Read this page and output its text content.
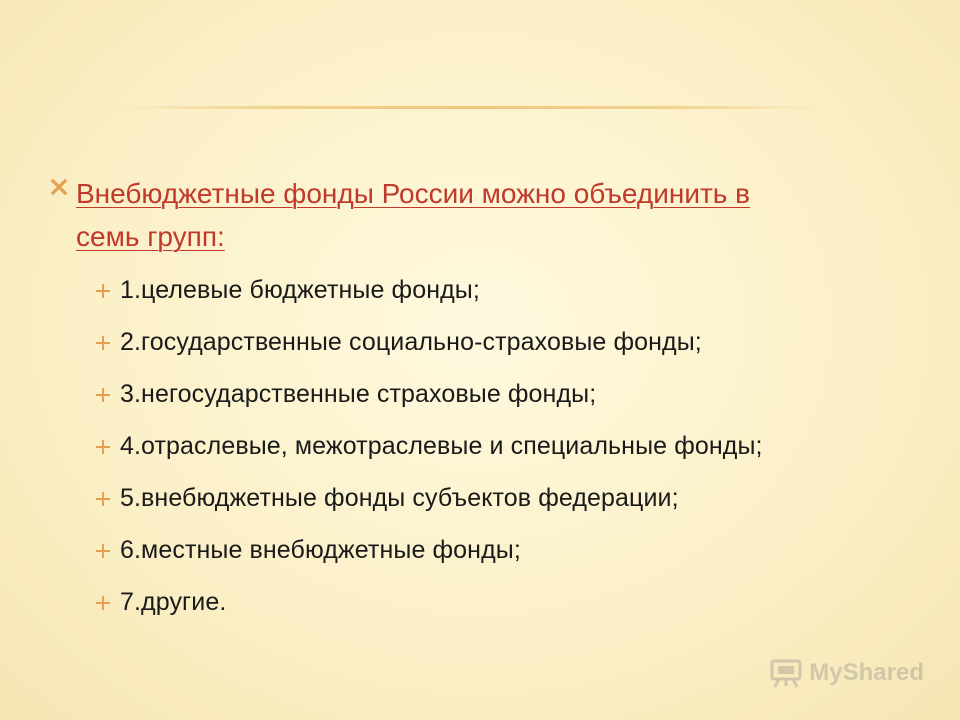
Внебюджетные фонды России можно объединить в семь групп:
1.целевые бюджетные фонды;
2.государственные социально-страховые фонды;
3.негосударственные страховые фонды;
4.отраслевые, межотраслевые и специальные фонды;
5.внебюджетные фонды субъектов федерации;
6.местные внебюджетные фонды;
7.другие.
MyShared
